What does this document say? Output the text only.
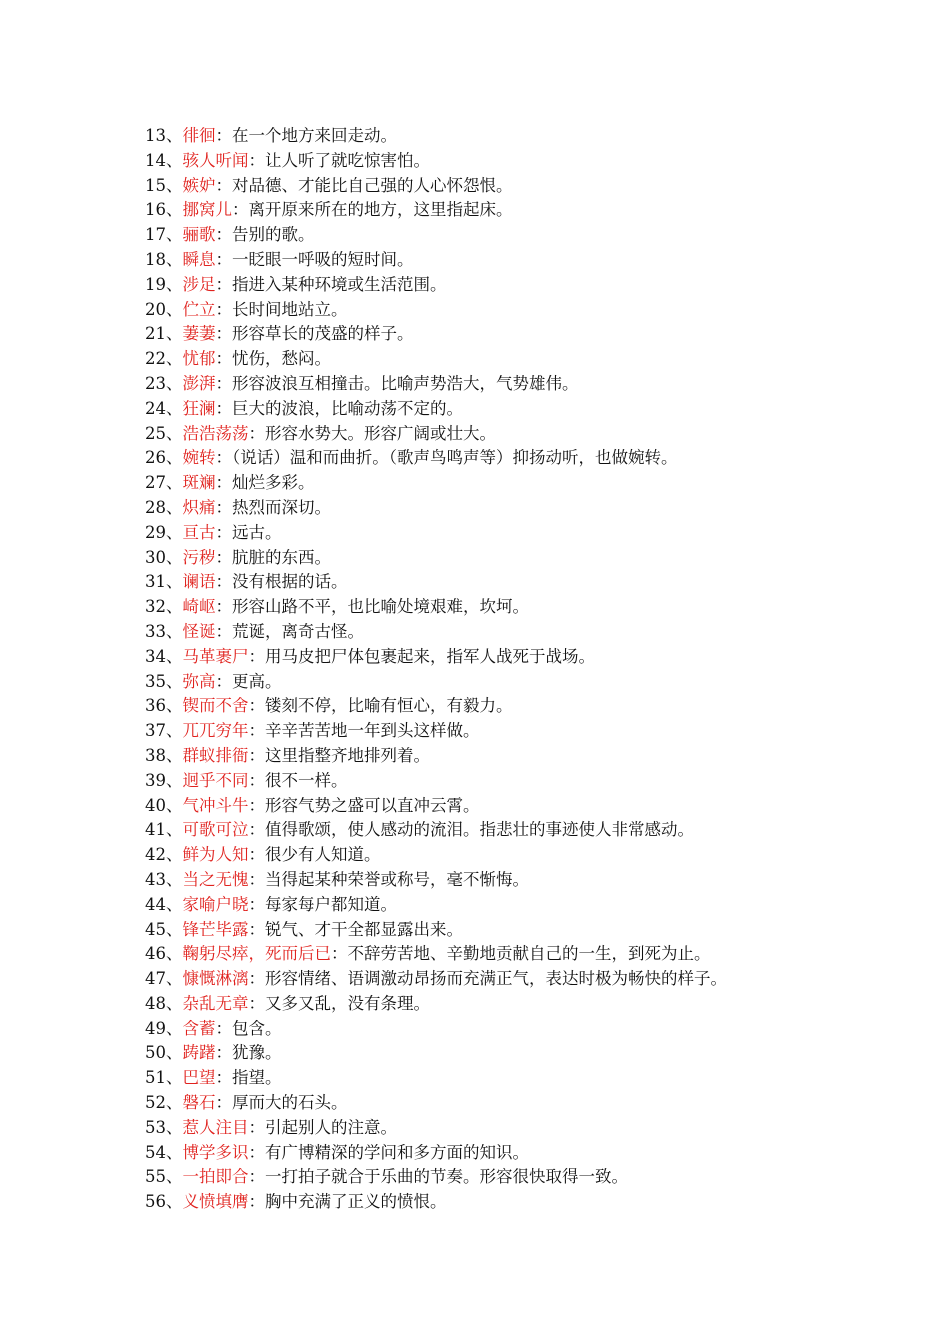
13、徘徊：在一个地方来回走动。
14、骇人听闻：让人听了就吃惊害怕。
15、嫉妒：对品德、才能比自己强的人心怀怨恨。
16、挪窝儿：离开原来所在的地方，这里指起床。
17、骊歌：告别的歌。
18、瞬息：一眨眼一呼吸的短时间。
19、涉足：指进入某种环境或生活范围。
20、伫立：长时间地站立。
21、萋萋：形容草长的茂盛的样子。
22、忧郁：忧伤，愁闷。
23、澎湃：形容波浪互相撞击。比喻声势浩大，气势雄伟。
24、狂澜：巨大的波浪，比喻动荡不定的。
25、浩浩荡荡：形容水势大。形容广阔或壮大。
26、婉转：（说话）温和而曲折。（歌声鸟鸣声等）抑扬动听，也做婉转。
27、斑斓：灿烂多彩。
28、炽痛：热烈而深切。
29、亘古：远古。
30、污秽：肮脏的东西。
31、谰语：没有根据的话。
32、崎岖：形容山路不平，也比喻处境艰难，坎坷。
33、怪诞：荒诞，离奇古怪。
34、马革裹尸：用马皮把尸体包裹起来，指军人战死于战场。
35、弥高：更高。
36、锲而不舍：镂刻不停，比喻有恒心，有毅力。
37、兀兀穷年：辛辛苦苦地一年到头这样做。
38、群蚁排衙：这里指整齐地排列着。
39、迥乎不同：很不一样。
40、气冲斗牛：形容气势之盛可以直冲云霄。
41、可歌可泣：值得歌颂，使人感动的流泪。指悲壮的事迹使人非常感动。
42、鲜为人知：很少有人知道。
43、当之无愧：当得起某种荣誉或称号，毫不惭悔。
44、家喻户晓：每家每户都知道。
45、锋芒毕露：锐气、才干全都显露出来。
46、鞠躬尽瘁，死而后已：不辞劳苦地、辛勤地贡献自己的一生，到死为止。
47、慷慨淋漓：形容情绪、语调激动昂扬而充满正气，表达时极为畅快的样子。
48、杂乱无章：又多又乱，没有条理。
49、含蓄：包含。
50、踌躇：犹豫。
51、巴望：指望。
52、磐石：厚而大的石头。
53、惹人注目：引起别人的注意。
54、博学多识：有广博精深的学问和多方面的知识。
55、一拍即合：一打拍子就合于乐曲的节奏。形容很快取得一致。
56、义愤填膺：胸中充满了正义的愤恨。
